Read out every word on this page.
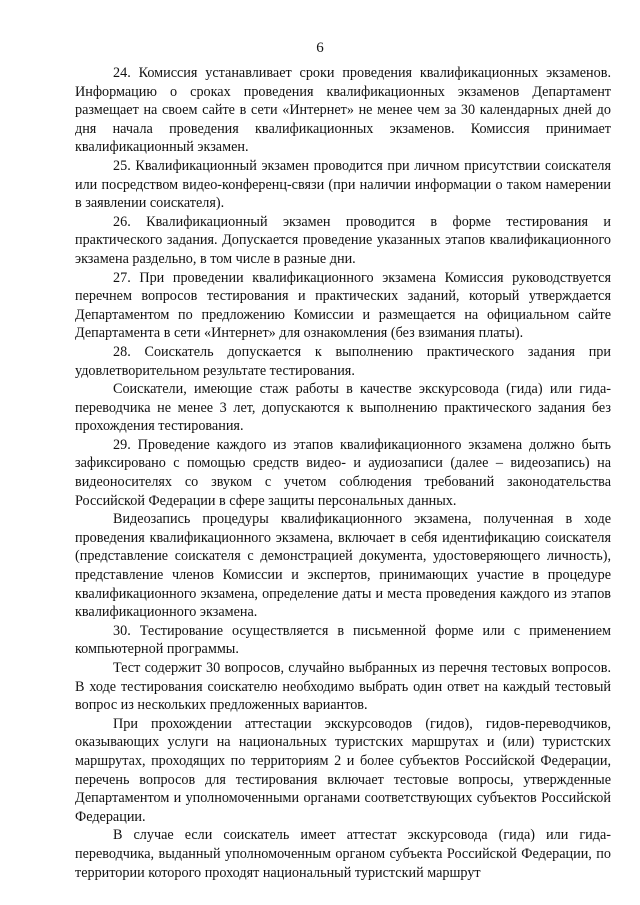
6

24. Комиссия устанавливает сроки проведения квалификационных экзаменов. Информацию о сроках проведения квалификационных экзаменов Департамент размещает на своем сайте в сети «Интернет» не менее чем за 30 календарных дней до дня начала проведения квалификационных экзаменов. Комиссия принимает квалификационный экзамен.

25. Квалификационный экзамен проводится при личном присутствии соискателя или посредством видео-конференц-связи (при наличии информации о таком намерении в заявлении соискателя).

26. Квалификационный экзамен проводится в форме тестирования и практического задания. Допускается проведение указанных этапов квалификационного экзамена раздельно, в том числе в разные дни.

27. При проведении квалификационного экзамена Комиссия руководствуется перечнем вопросов тестирования и практических заданий, который утверждается Департаментом по предложению Комиссии и размещается на официальном сайте Департамента в сети «Интернет» для ознакомления (без взимания платы).

28. Соискатель допускается к выполнению практического задания при удовлетворительном результате тестирования.

Соискатели, имеющие стаж работы в качестве экскурсовода (гида) или гида-переводчика не менее 3 лет, допускаются к выполнению практического задания без прохождения тестирования.

29. Проведение каждого из этапов квалификационного экзамена должно быть зафиксировано с помощью средств видео- и аудиозаписи (далее – видеозапись) на видеоносителях со звуком с учетом соблюдения требований законодательства Российской Федерации в сфере защиты персональных данных.

Видеозапись процедуры квалификационного экзамена, полученная в ходе проведения квалификационного экзамена, включает в себя идентификацию соискателя (представление соискателя с демонстрацией документа, удостоверяющего личность), представление членов Комиссии и экспертов, принимающих участие в процедуре квалификационного экзамена, определение даты и места проведения каждого из этапов квалификационного экзамена.

30. Тестирование осуществляется в письменной форме или с применением компьютерной программы.

Тест содержит 30 вопросов, случайно выбранных из перечня тестовых вопросов. В ходе тестирования соискателю необходимо выбрать один ответ на каждый тестовый вопрос из нескольких предложенных вариантов.

При прохождении аттестации экскурсоводов (гидов), гидов-переводчиков, оказывающих услуги на национальных туристских маршрутах и (или) туристских маршрутах, проходящих по территориям 2 и более субъектов Российской Федерации, перечень вопросов для тестирования включает тестовые вопросы, утвержденные Департаментом и уполномоченными органами соответствующих субъектов Российской Федерации.

В случае если соискатель имеет аттестат экскурсовода (гида) или гида-переводчика, выданный уполномоченным органом субъекта Российской Федерации, по территории которого проходят национальный туристский маршрут
